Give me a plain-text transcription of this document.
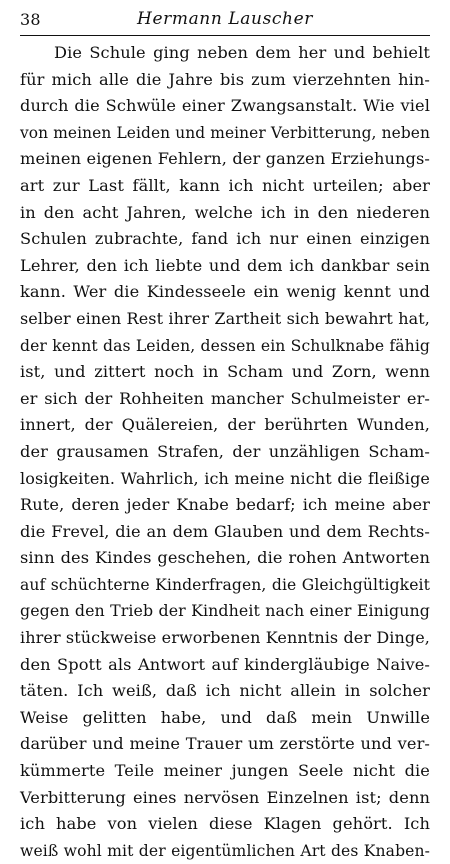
38	Hermann Lauscher
Die Schule ging neben dem her und behielt
für mich alle die Jahre bis zum vierzehnten hin-
durch die Schwüle einer Zwangsanstalt. Wie viel
von meinen Leiden und meiner Verbitterung, neben
meinen eigenen Fehlern, der ganzen Erziehungs-
art zur Last fällt, kann ich nicht urteilen; aber
in den acht Jahren, welche ich in den niederen
Schulen zubrachte, fand ich nur einen einzigen
Lehrer, den ich liebte und dem ich dankbar sein
kann. Wer die Kindesseele ein wenig kennt und
selber einen Rest ihrer Zartheit sich bewahrt hat,
der kennt das Leiden, dessen ein Schulknabe fähig
ist, und zittert noch in Scham und Zorn, wenn
er sich der Rohheiten mancher Schulmeister er-
innert, der Quälereien, der berührten Wunden,
der grausamen Strafen, der unzähligen Scham-
losigkeiten. Wahrlich, ich meine nicht die fleißige
Rute, deren jeder Knabe bedarf; ich meine aber
die Frevel, die an dem Glauben und dem Rechts-
sinn des Kindes geschehen, die rohen Antworten
auf schüchterne Kinderfragen, die Gleichgültigkeit
gegen den Trieb der Kindheit nach einer Einigung
ihrer stückweise erworbenen Kenntnis der Dinge,
den Spott als Antwort auf kindergläubige Naive-
täten. Ich weiß, daß ich nicht allein in solcher
Weise gelitten habe, und daß mein Unwille
darüber und meine Trauer um zerstörte und ver-
kümmerte Teile meiner jungen Seele nicht die
Verbitterung eines nervösen Einzelnen ist; denn
ich habe von vielen diese Klagen gehört. Ich
weiß wohl mit der eigentümlichen Art des Knaben-
